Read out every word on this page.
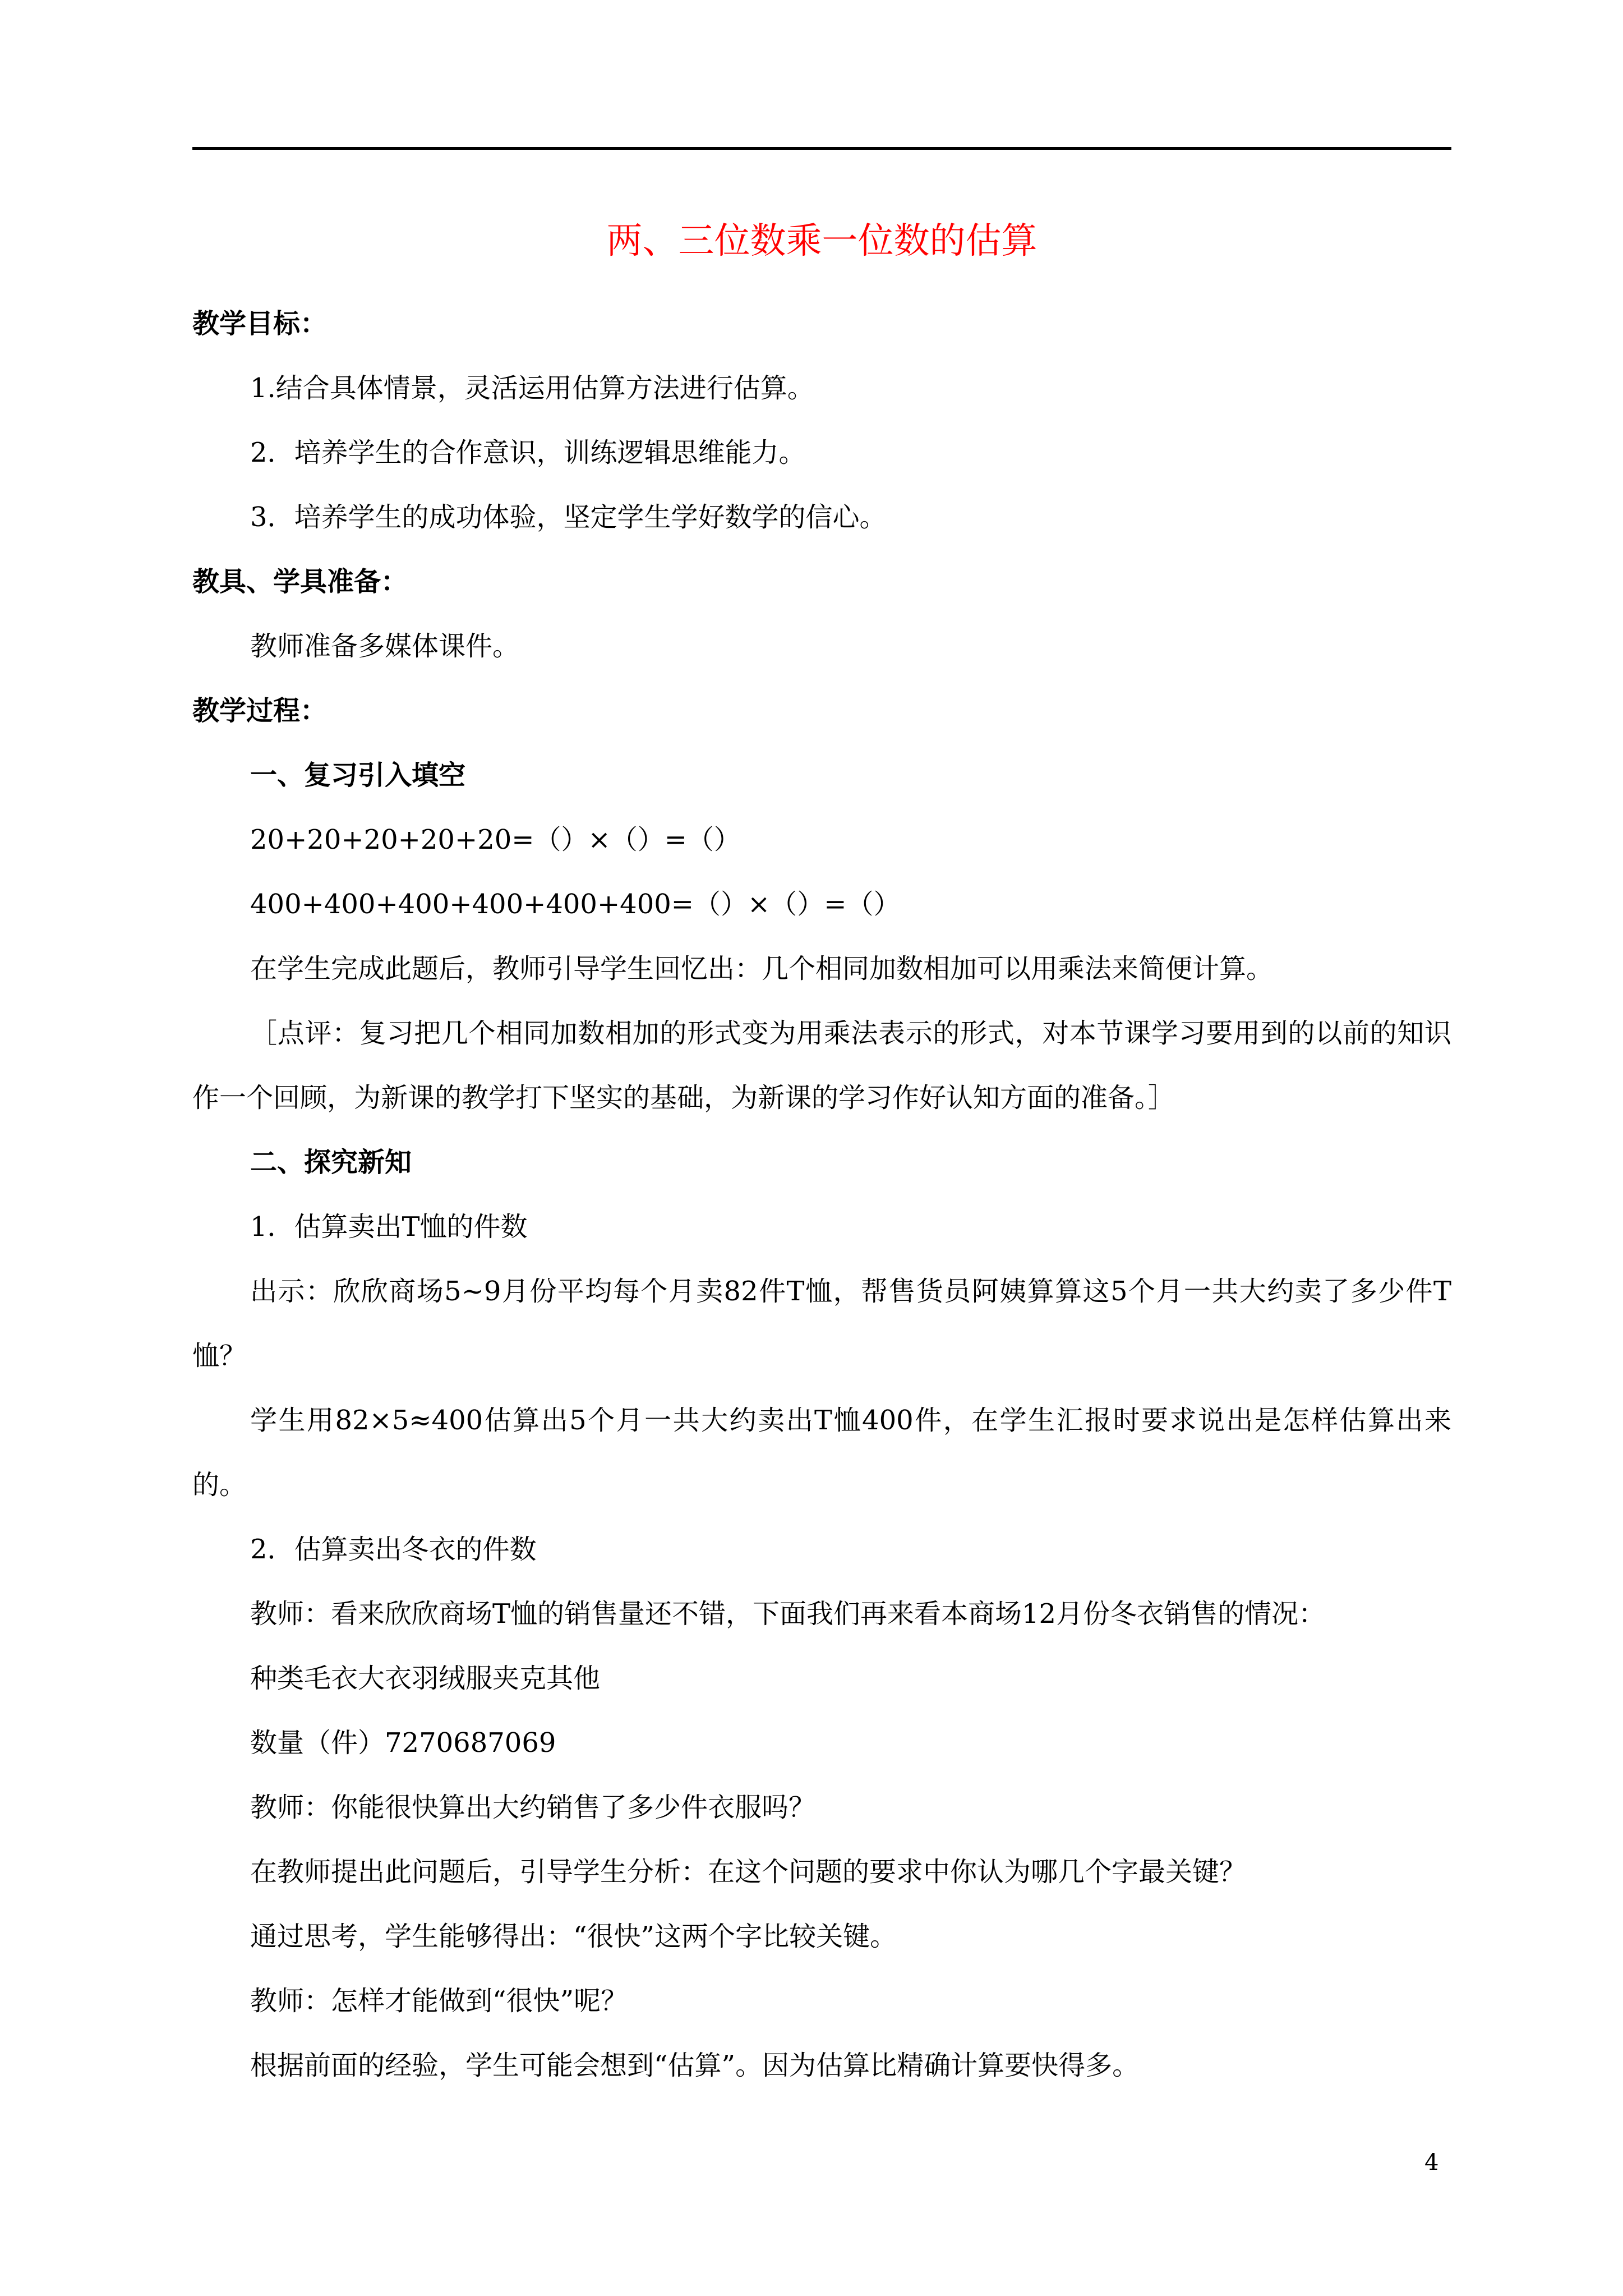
两、三位数乘一位数的估算

教学目标：

1.结合具体情景，灵活运用估算方法进行估算。

2．培养学生的合作意识，训练逻辑思维能力。

3．培养学生的成功体验，坚定学生学好数学的信心。

教具、学具准备：

教师准备多媒体课件。

教学过程：

一、复习引入填空

20+20+20+20+20=（）×（）=（）

400+400+400+400+400+400=（）×（）=（）

在学生完成此题后，教师引导学生回忆出：几个相同加数相加可以用乘法来简便计算。

［点评：复习把几个相同加数相加的形式变为用乘法表示的形式，对本节课学习要用到的以前的知识作一个回顾，为新课的教学打下坚实的基础，为新课的学习作好认知方面的准备。］

二、探究新知

1．估算卖出T恤的件数

出示：欣欣商场5~9月份平均每个月卖82件T恤，帮售货员阿姨算算这5个月一共大约卖了多少件T恤？

学生用82×5≈400估算出5个月一共大约卖出T恤400件，在学生汇报时要求说出是怎样估算出来的。

2．估算卖出冬衣的件数

教师：看来欣欣商场T恤的销售量还不错，下面我们再来看本商场12月份冬衣销售的情况：

种类毛衣大衣羽绒服夹克其他

数量（件）7270687069

教师：你能很快算出大约销售了多少件衣服吗？

在教师提出此问题后，引导学生分析：在这个问题的要求中你认为哪几个字最关键？

通过思考，学生能够得出：“很快”这两个字比较关键。

教师：怎样才能做到“很快”呢？

根据前面的经验，学生可能会想到“估算”。因为估算比精确计算要快得多。

4
